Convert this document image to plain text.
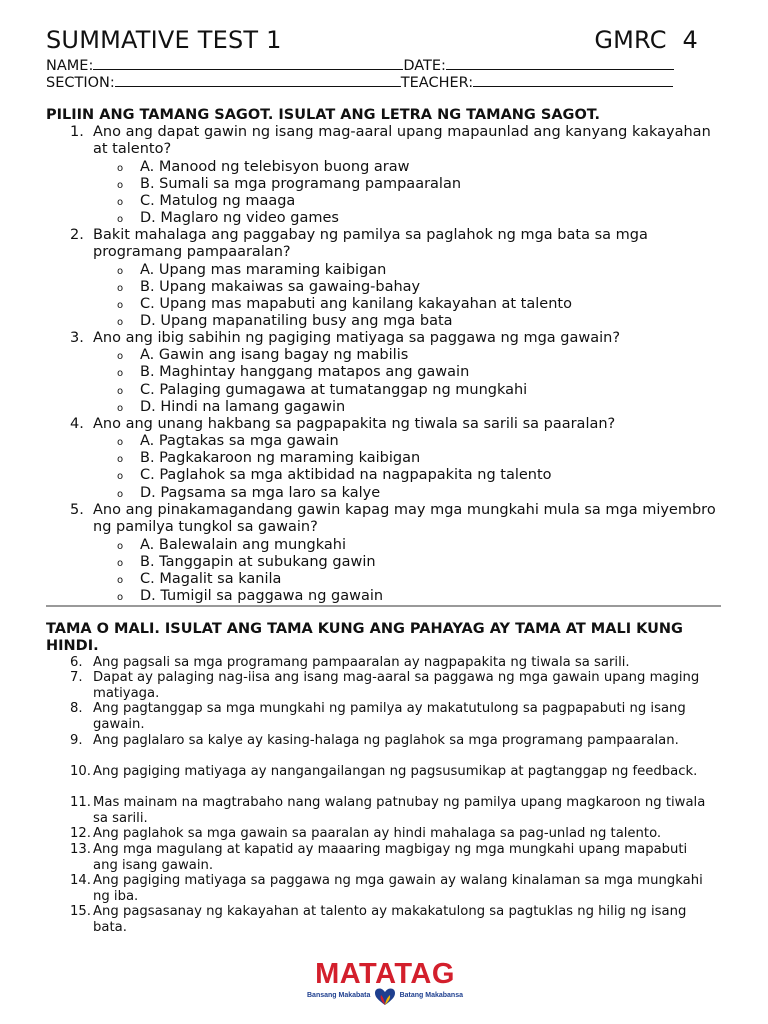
SUMMATIVE TEST 1	GMRC 4
NAME:	DATE:
SECTION:	TEACHER:
PILIIN ANG TAMANG SAGOT. ISULAT ANG LETRA NG TAMANG SAGOT.
1. Ano ang dapat gawin ng isang mag-aaral upang mapaunlad ang kanyang kakayahan at talento?
o A. Manood ng telebisyon buong araw
o B. Sumali sa mga programang pampaaralan
o C. Matulog ng maaga
o D. Maglaro ng video games
2. Bakit mahalaga ang paggabay ng pamilya sa paglahok ng mga bata sa mga programang pampaaralan?
o A. Upang mas maraming kaibigan
o B. Upang makaiwas sa gawaing-bahay
o C. Upang mas mapabuti ang kanilang kakayahan at talento
o D. Upang mapanatiling busy ang mga bata
3. Ano ang ibig sabihin ng pagiging matiyaga sa paggawa ng mga gawain?
o A. Gawin ang isang bagay ng mabilis
o B. Maghintay hanggang matapos ang gawain
o C. Palaging gumagawa at tumatanggap ng mungkahi
o D. Hindi na lamang gagawin
4. Ano ang unang hakbang sa pagpapakita ng tiwala sa sarili sa paaralan?
o A. Pagtakas sa mga gawain
o B. Pagkakaroon ng maraming kaibigan
o C. Paglahok sa mga aktibidad na nagpapakita ng talento
o D. Pagsama sa mga laro sa kalye
5. Ano ang pinakamagandang gawin kapag may mga mungkahi mula sa mga miyembro ng pamilya tungkol sa gawain?
o A. Balewalain ang mungkahi
o B. Tanggapin at subukang gawin
o C. Magalit sa kanila
o D. Tumigil sa paggawa ng gawain
TAMA O MALI. ISULAT ANG TAMA KUNG ANG PAHAYAG AY TAMA AT MALI KUNG HINDI.
6. Ang pagsali sa mga programang pampaaralan ay nagpapakita ng tiwala sa sarili.
7. Dapat ay palaging nag-iisa ang isang mag-aaral sa paggawa ng mga gawain upang maging matiyaga.
8. Ang pagtanggap sa mga mungkahi ng pamilya ay makatutulong sa pagpapabuti ng isang gawain.
9. Ang paglalaro sa kalye ay kasing-halaga ng paglahok sa mga programang pampaaralan.
10. Ang pagiging matiyaga ay nangangailangan ng pagsusumikap at pagtanggap ng feedback.
11. Mas mainam na magtrabaho nang walang patnubay ng pamilya upang magkaroon ng tiwala sa sarili.
12. Ang paglahok sa mga gawain sa paaralan ay hindi mahalaga sa pag-unlad ng talento.
13. Ang mga magulang at kapatid ay maaaring magbigay ng mga mungkahi upang mapabuti ang isang gawain.
14. Ang pagiging matiyaga sa paggawa ng mga gawain ay walang kinalaman sa mga mungkahi ng iba.
15. Ang pagsasanay ng kakayahan at talento ay makakatulong sa pagtuklas ng hilig ng isang bata.
MATATAG
Bansang Makabata	Batang Makabansa
